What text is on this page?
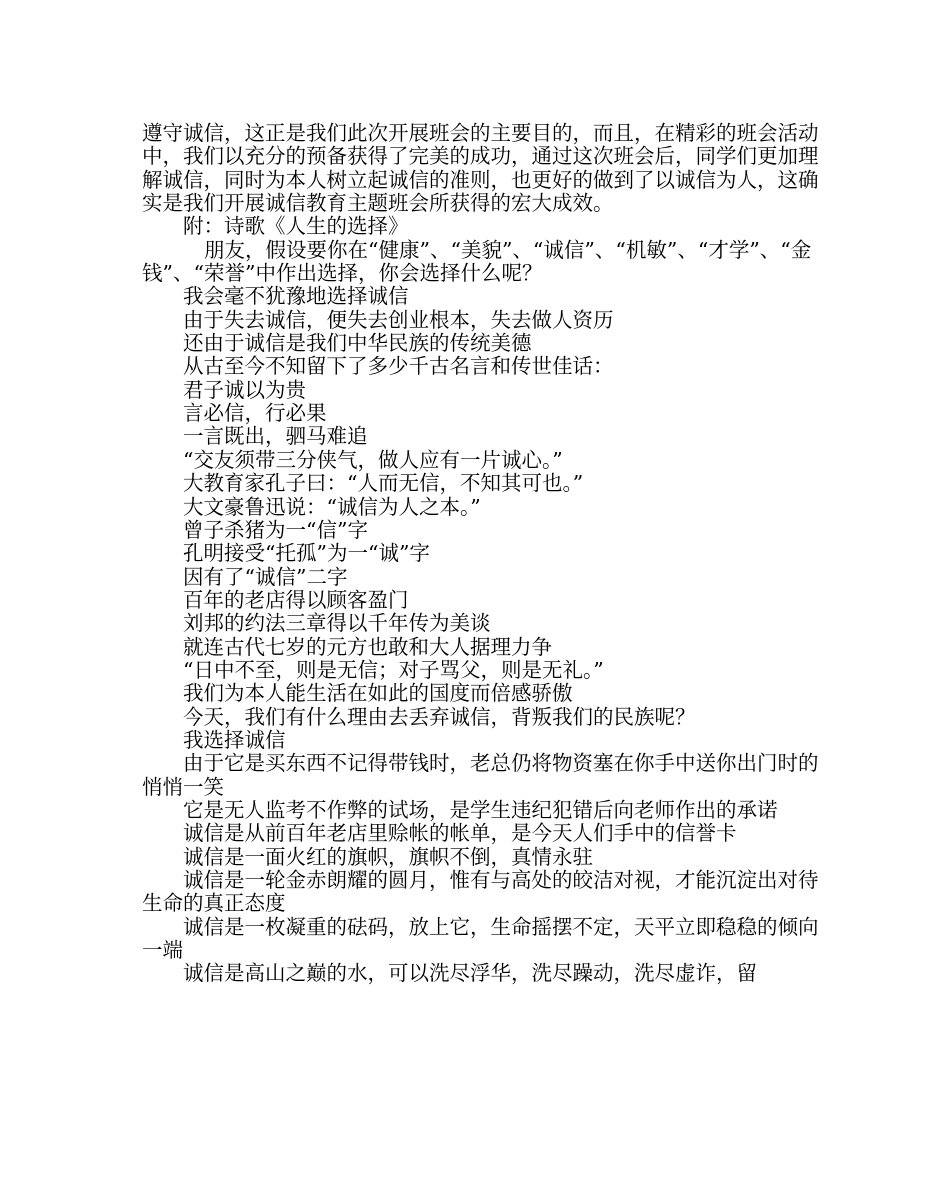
遵守诚信，这正是我们此次开展班会的主要目的，而且，在精彩的班会活动中，我们以充分的预备获得了完美的成功，通过这次班会后，同学们更加理解诚信，同时为本人树立起诚信的准则，也更好的做到了以诚信为人，这确实是我们开展诚信教育主题班会所获得的宏大成效。

附：诗歌《人生的选择》

朋友，假设要你在“健康”、“美貌”、“诚信”、“机敏”、“才学”、“金钱”、“荣誉”中作出选择，你会选择什么呢？

我会毫不犹豫地选择诚信

由于失去诚信，便失去创业根本，失去做人资历

还由于诚信是我们中华民族的传统美德

从古至今不知留下了多少千古名言和传世佳话：

君子诚以为贵

言必信，行必果

一言既出，驷马难追

“交友须带三分侠气，做人应有一片诚心。”

大教育家孔子曰：“人而无信，不知其可也。”

大文豪鲁迅说：“诚信为人之本。”

曾子杀猪为一“信”字

孔明接受“托孤”为一“诚”字

因有了“诚信”二字

百年的老店得以顾客盈门

刘邦的约法三章得以千年传为美谈

就连古代七岁的元方也敢和大人据理力争

“日中不至，则是无信；对子骂父，则是无礼。”

我们为本人能生活在如此的国度而倍感骄傲

今天，我们有什么理由去丢弃诚信，背叛我们的民族呢？

我选择诚信

由于它是买东西不记得带钱时，老总仍将物资塞在你手中送你出门时的悄悄一笑

它是无人监考不作弊的试场，是学生违纪犯错后向老师作出的承诺

诚信是从前百年老店里赊帐的帐单，是今天人们手中的信誉卡

诚信是一面火红的旗帜，旗帜不倒，真情永驻

诚信是一轮金赤朗耀的圆月，惟有与高处的皎洁对视，才能沉淀出对待生命的真正态度

诚信是一枚凝重的砝码，放上它，生命摇摆不定，天平立即稳稳的倾向一端

诚信是高山之巅的水，可以洗尽浮华，洗尽躁动，洗尽虚诈，留
